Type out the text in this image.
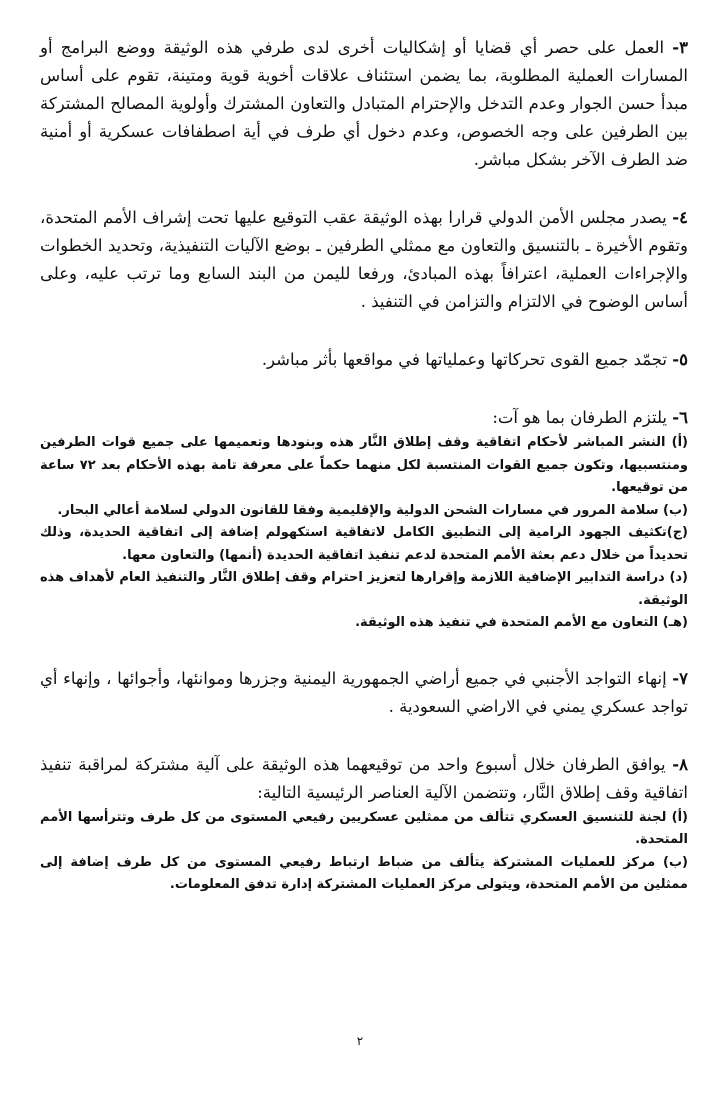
٣- العمل على حصر أي قضايا أو إشكاليات أخرى لدى طرفي هذه الوثيقة ووضع البرامج أو المسارات العملية المطلوبة، بما يضمن استئناف علاقات أخوية قوية ومتينة، تقوم على أساس مبدأ حسن الجوار وعدم التدخل والإحترام المتبادل والتعاون المشترك وأولوية المصالح المشتركة بين الطرفين على وجه الخصوص، وعدم دخول أي طرف في أية اصطفافات عسكرية أو أمنية ضد الطرف الآخر بشكل مباشر.

٤- يصدر مجلس الأمن الدولي قرارا بهذه الوثيقة عقب التوقيع عليها تحت إشراف الأمم المتحدة، وتقوم الأخيرة ـ بالتنسيق والتعاون مع ممثلي الطرفين ـ بوضع الآليات التنفيذية، وتحديد الخطوات والإجراءات العملية، اعترافاً بهذه المبادئ، ورفعا لليمن من البند السابع وما ترتب عليه، وعلى أساس الوضوح في الالتزام والتزامن في التنفيذ .

٥- تجمّد جميع القوى تحركاتها وعملياتها في مواقعها بأثر مباشر.

٦- يلتزم الطرفان بما هو آت:

(أ) النشر المباشر لأحكام اتفاقية وقف إطلاق النَّار هذه وبنودها وتعميمها على جميع قوات الطرفين ومنتسبيها، وتكون جميع القوات المنتسبة لكل منهما حكماً على معرفة تامة بهذه الأحكام بعد ٧٢ ساعة من توقيعها.

(ب) سلامة المرور في مسارات الشحن الدولية والإقليمية وفقا للقانون الدولي لسلامة أعالي البحار.

(ج)تكثيف الجهود الرامية إلى التطبيق الكامل لاتفاقية استكهولم إضافة إلى اتفاقية الحديدة، وذلك تحديداً من خلال دعم بعثة الأمم المتحدة لدعم تنفيذ اتفاقية الحديدة (أنمها) والتعاون معها.

(د) دراسة التدابير الإضافية اللازمة وإقرارها لتعزيز احترام وقف إطلاق النَّار والتنفيذ العام لأهداف هذه الوثيقة.

(هـ) التعاون مع الأمم المتحدة في تنفيذ هذه الوثيقة.

٧- إنهاء التواجد الأجنبي في جميع أراضي الجمهورية اليمنية وجزرها وموانئها، وأجوائها ، وإنهاء أي تواجد عسكري يمني في الاراضي السعودية .

٨- يوافق الطرفان خلال أسبوع واحد من توقيعهما هذه الوثيقة على آلية مشتركة لمراقبة تنفيذ اتفاقية وقف إطلاق النَّار، وتتضمن الآلية العناصر الرئيسية التالية:

(أ) لجنة للتنسيق العسكري تتألف من ممثلين عسكريين رفيعي المستوى من كل طرف وتترأسها الأمم المتحدة.

(ب) مركز للعمليات المشتركة يتألف من ضباط ارتباط رفيعي المستوى من كل طرف إضافة إلى ممثلين من الأمم المتحدة، ويتولى مركز العمليات المشتركة إدارة تدفق المعلومات.

٢
